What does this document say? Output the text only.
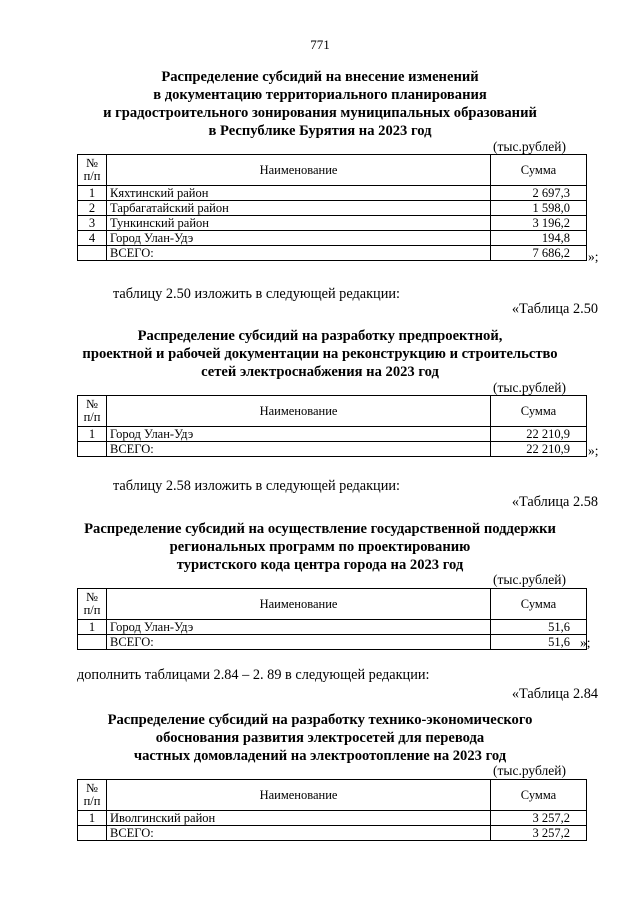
771
Распределение субсидий на внесение изменений
в документацию территориального планирования
и градостроительного зонирования муниципальных образований
в Республике Бурятия на 2023 год
(тыс.рублей)
№ п/п	Наименование	Сумма
1	Кяхтинский район	2 697,3
2	Тарбагатайский район	1 598,0
3	Тункинский район	3 196,2
4	Город Улан-Удэ	194,8
	ВСЕГО:	7 686,2 »;
таблицу 2.50 изложить в следующей редакции:
«Таблица 2.50
Распределение субсидий на разработку предпроектной,
проектной и рабочей документации на реконструкцию и строительство
сетей электроснабжения на 2023 год
(тыс.рублей)
№ п/п	Наименование	Сумма
1	Город Улан-Удэ	22 210,9
	ВСЕГО:	22 210,9 »;
таблицу 2.58 изложить в следующей редакции:
«Таблица 2.58
Распределение субсидий на осуществление государственной поддержки
региональных программ по проектированию
туристского кода центра города на 2023 год
(тыс.рублей)
№ п/п	Наименование	Сумма
1	Город Улан-Удэ	51,6
	ВСЕГО:	51,6 »;
дополнить таблицами 2.84 – 2. 89 в следующей редакции:
«Таблица 2.84
Распределение субсидий на разработку технико-экономического
обоснования развития электросетей для перевода
частных домовладений на электроотопление на 2023 год
(тыс.рублей)
№ п/п	Наименование	Сумма
1	Иволгинский район	3 257,2
	ВСЕГО:	3 257,2
